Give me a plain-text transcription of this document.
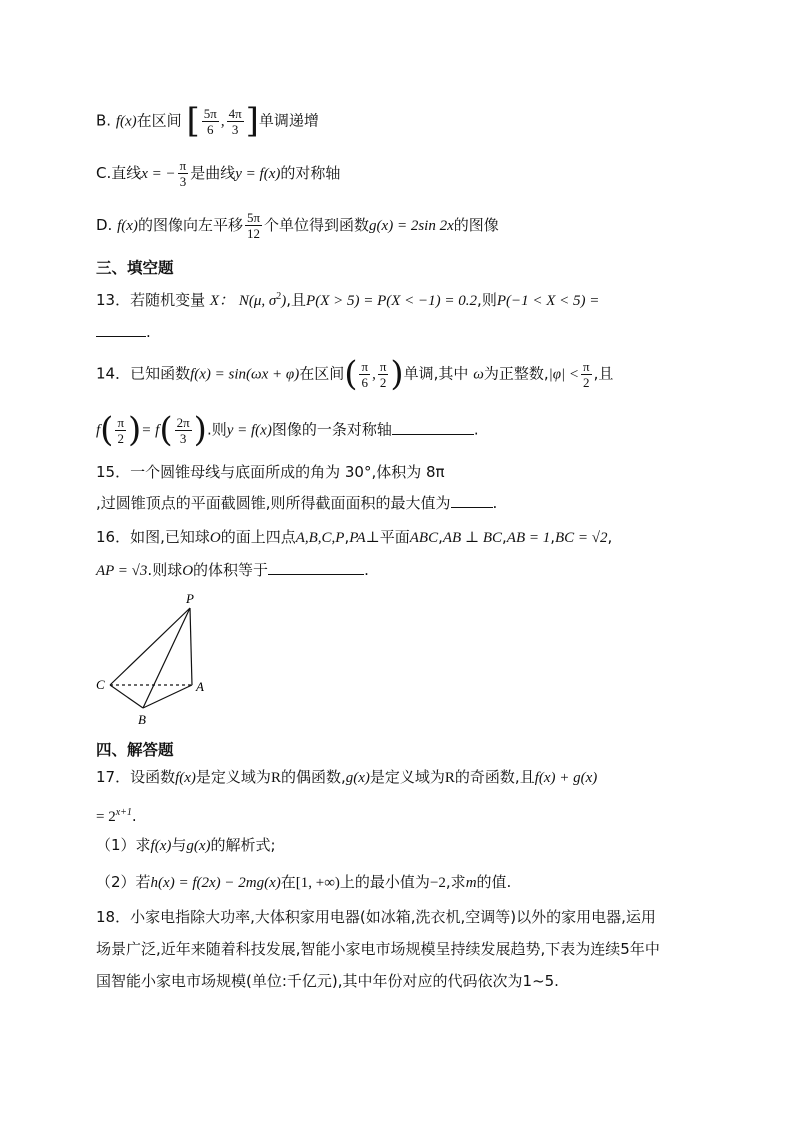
B. f(x)在区间 [ $\frac{5\pi}{6}$ , $\frac{4\pi}{3}$ ]单调递增
C.直线x = − $\frac{\pi}{3}$ 是曲线y = f(x)的对称轴
D. f(x)的图像向左平移 $\frac{5\pi}{12}$ 个单位得到函数g(x) = 2sin 2x的图像
三、填空题
13．若随机变量 X： N(μ, $\sigma^2$),且P(X > 5) = P(X < −1) = 0.2,则P(−1 < X < 5) =
.
14．已知函数f(x) = sin(ωx + φ)在区间( $\frac{\pi}{6}$ , $\frac{\pi}{2}$ )单调,其中 ω为正整数$,|\varphi| < \frac{\pi}{2}$ ,且
$f( \frac{\pi}{2}$ )= $f( \frac{2\pi}{3}$ ).则y = f(x)图像的一条对称轴	.
15．一个圆锥母线与底面所成的角为 30°,体积为 8π
,过圆锥顶点的平面截圆锥,则所得截面面积的最大值为	.
16．如图,已知球O的面上四点A,B,C,P,PA⊥平面ABC,AB ⊥ BC,AB = 1,BC = √2,
AP = √3.则球O的体积等于	.
P
C	A
B
四、解答题
17．设函数f(x)是定义域为R的偶函数,g(x)是定义域为R的奇函数,且f(x) + g(x)
= $2^{x+1}$.
（1）求f(x)与g(x)的解析式;
（2）若h(x) = f(2x) − 2mg(x)在[1, +∞)上的最小值为−2,求m的值.
18．小家电指除大功率,大体积家用电器(如冰箱,洗衣机,空调等)以外的家用电器,运用
场景广泛,近年来随着科技发展,智能小家电市场规模呈持续发展趋势,下表为连续5年中
国智能小家电市场规模(单位:千亿元),其中年份对应的代码依次为1~5.
